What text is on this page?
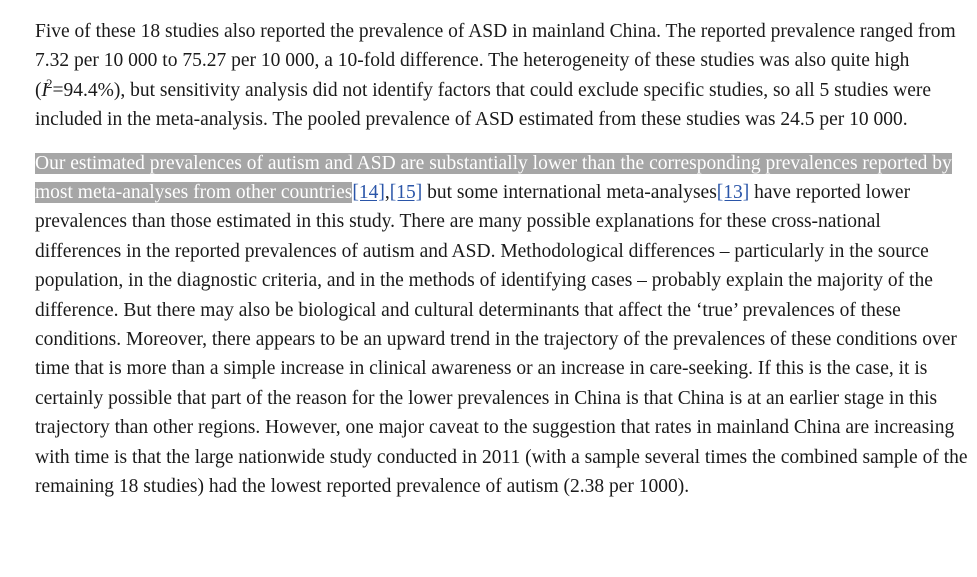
Five of these 18 studies also reported the prevalence of ASD in mainland China. The reported prevalence ranged from 7.32 per 10 000 to 75.27 per 10 000, a 10-fold difference. The heterogeneity of these studies was also quite high $(I^2=94.4\%)$, but sensitivity analysis did not identify factors that could exclude specific studies, so all 5 studies were included in the meta-analysis. The pooled prevalence of ASD estimated from these studies was 24.5 per 10 000.

Our estimated prevalences of autism and ASD are substantially lower than the corresponding prevalences reported by most meta-analyses from other countries[14],[15] but some international meta-analyses[13] have reported lower prevalences than those estimated in this study. There are many possible explanations for these cross-national differences in the reported prevalences of autism and ASD. Methodological differences – particularly in the source population, in the diagnostic criteria, and in the methods of identifying cases – probably explain the majority of the difference. But there may also be biological and cultural determinants that affect the ‘true’ prevalences of these conditions. Moreover, there appears to be an upward trend in the trajectory of the prevalences of these conditions over time that is more than a simple increase in clinical awareness or an increase in care-seeking. If this is the case, it is certainly possible that part of the reason for the lower prevalences in China is that China is at an earlier stage in this trajectory than other regions. However, one major caveat to the suggestion that rates in mainland China are increasing with time is that the large nationwide study conducted in 2011 (with a sample several times the combined sample of the remaining 18 studies) had the lowest reported prevalence of autism (2.38 per 1000).
